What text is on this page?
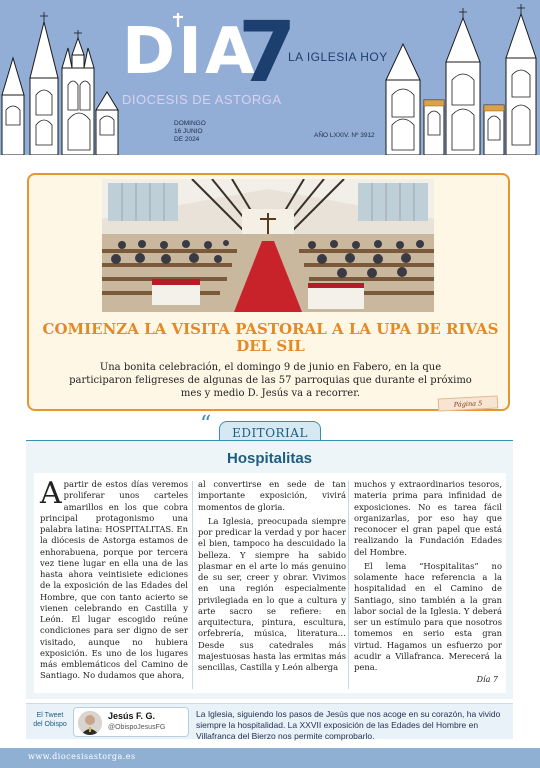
DIA
7
LA IGLESIA HOY
DIOCESIS DE ASTORGA
DOMINGO
16 JUNIO
DE 2024
AÑO LXXIV. Nº 3912
COMIENZA LA VISITA PASTORAL A LA UPA DE RIVAS DEL SIL

Una bonita celebración, el domingo 9 de junio en Fabero, en la que participaron feligreses de algunas de las 57 parroquias que durante el próximo mes y medio D. Jesús va a recorrer.

Página 5
“	EDITORIAL
Hospitalitas

Apartir de estos días veremos proliferar unos carteles amarillos en los que cobra principal protagonismo una palabra latina: HOSPITALITAS. En la diócesis de Astorga estamos de enhorabuena, porque por tercera vez tiene lugar en ella una de las hasta ahora veintisiete ediciones de la exposición de las Edades del Hombre, que con tanto acierto se vienen celebrando en Castilla y León. El lugar escogido reúne condiciones para ser digno de ser visitado, aunque no hubiera exposición. Es uno de los lugares más emblemáticos del Camino de Santiago. No dudamos que ahora,

al convertirse en sede de tan importante exposición, vivirá momentos de gloria.

La Iglesia, preocupada siempre por predicar la verdad y por hacer el bien, tampoco ha descuidado la belleza. Y siempre ha sabido plasmar en el arte lo más genuino de su ser, creer y obrar. Vivimos en una región especialmente privilegiada en lo que a cultura y arte sacro se refiere: en arquitectura, pintura, escultura, orfebrería, música, literatura… Desde sus catedrales más majestuosas hasta las ermitas más sencillas, Castilla y León alberga

muchos y extraordinarios tesoros, materia prima para infinidad de exposiciones. No es tarea fácil organizarlas, por eso hay que reconocer el gran papel que está realizando la Fundación Edades del Hombre.

El lema “Hospitalitas” no solamente hace referencia a la hospitalidad en el Camino de Santiago, sino también a la gran labor social de la Iglesia. Y deberá ser un estímulo para que nosotros tomemos en serio esta gran virtud. Hagamos un esfuerzo por acudir a Villafranca. Merecerá la pena.

Día 7
El Tweet
del Obispo
Jesús F. G.
@ObispoJesusFG

La Iglesia, siguiendo los pasos de Jesús que nos acoge en su corazón, ha vivido siempre la hospitalidad. La XXVII exposición de las Edades del Hombre en Villafranca del Bierzo nos permite comprobarlo.

www.diocesisastorga.es
